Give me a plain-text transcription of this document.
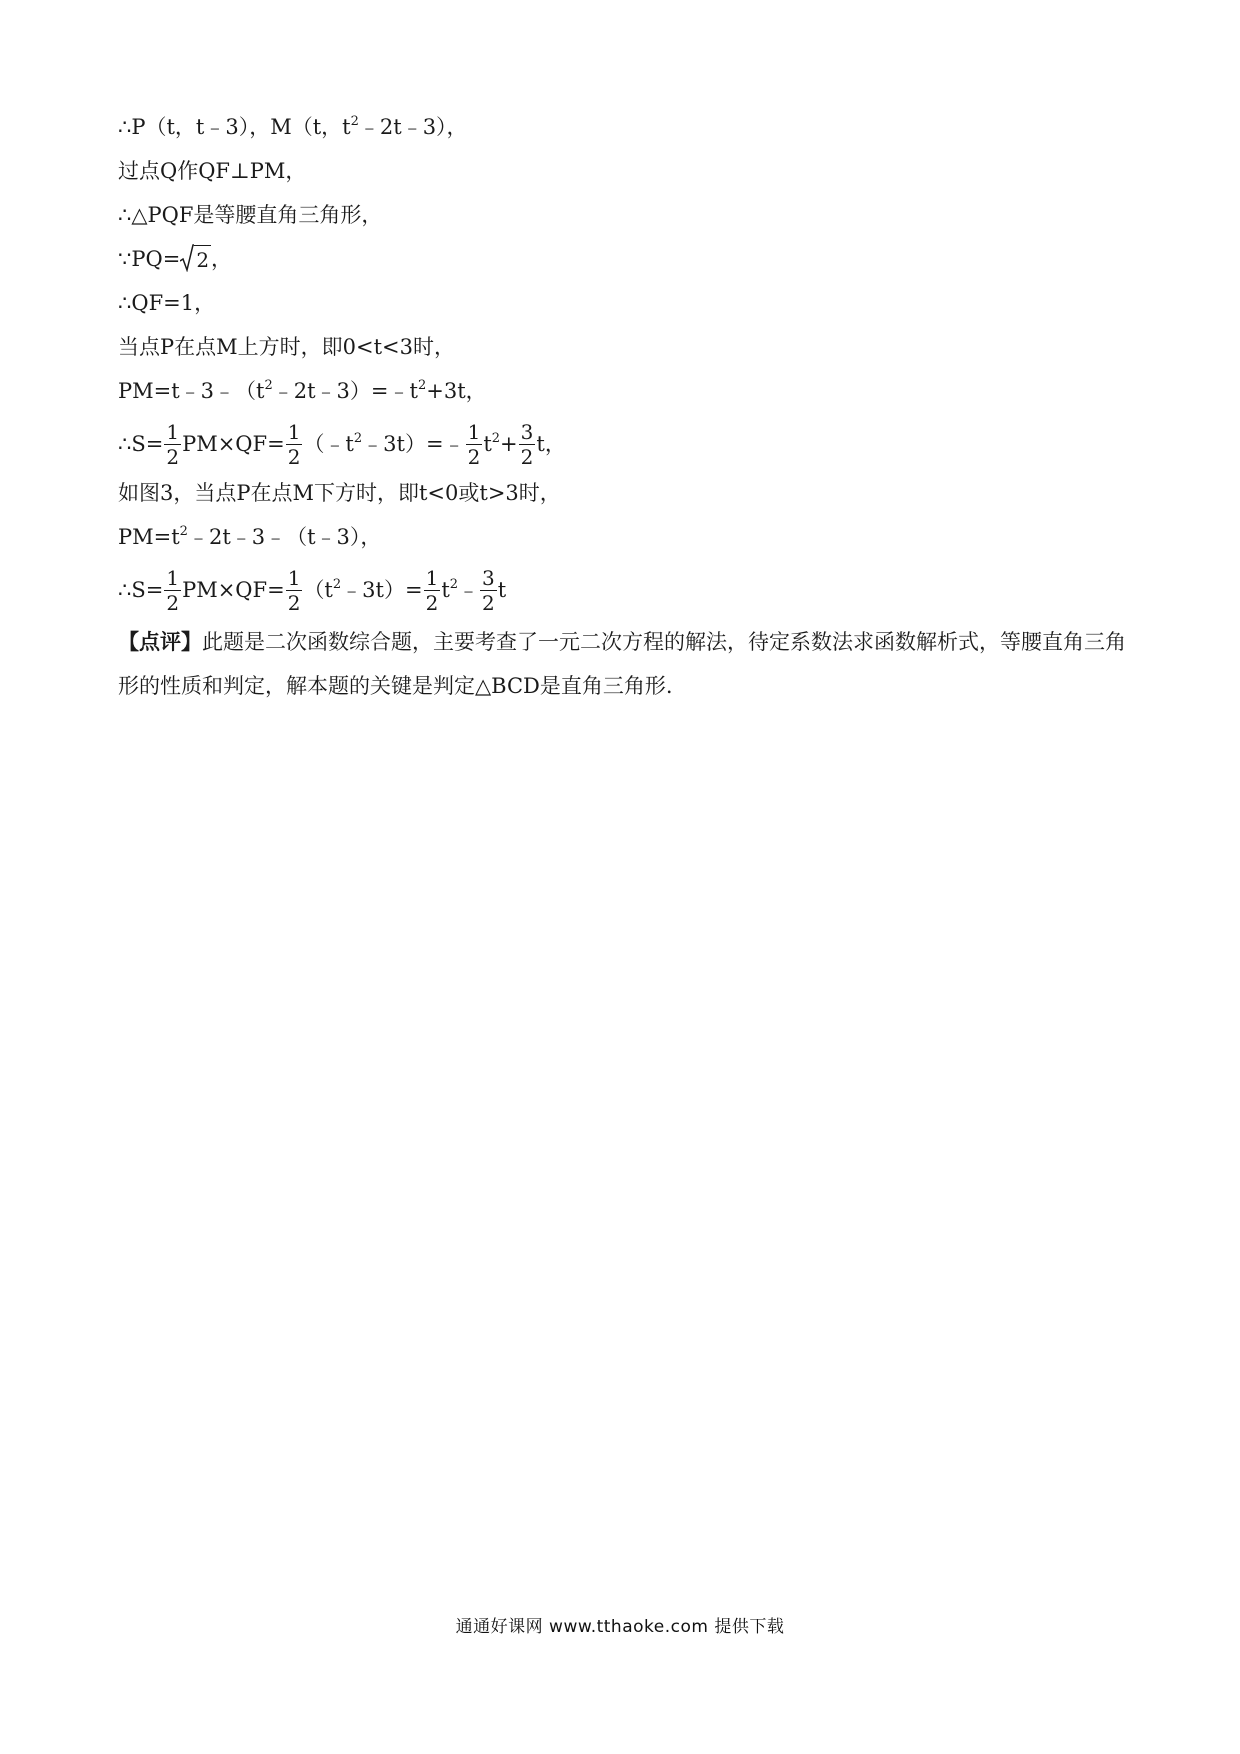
∴P（t，t﹣3），M（t，$t^2﹣2t﹣3$），
过点Q作QF⊥PM，
∴△PQF是等腰直角三角形，
∵PQ= 2 ，
∴QF=1，
当点P在点M上方时，即0<t<3时，
$PM=t﹣3﹣(t^2﹣2t﹣3)=﹣t^2+3t$，
∴S= $\frac{1}{2} PM\times QF= \frac{1}{2}$ $(﹣t^2﹣3t)=﹣ \frac{1}{2} t^2+ \frac{3}{2}$ t，
如图3，当点P在点M下方时，即t<0或t>3时，
$PM=t^2﹣2t﹣3﹣(t﹣3)$，
∴S= $\frac{1}{2} PM\times QF= \frac{1}{2}$ $(t^2﹣3t)= \frac{1}{2}$ $t^2﹣ \frac{3}{2}$ t
【点评】此题是二次函数综合题，主要考查了一元二次方程的解法，待定系数法求函数解析式，等腰直角三角形的性质和判定，解本题的关键是判定△BCD是直角三角形.
通通好课网 www.tthaoke.com 提供下载
